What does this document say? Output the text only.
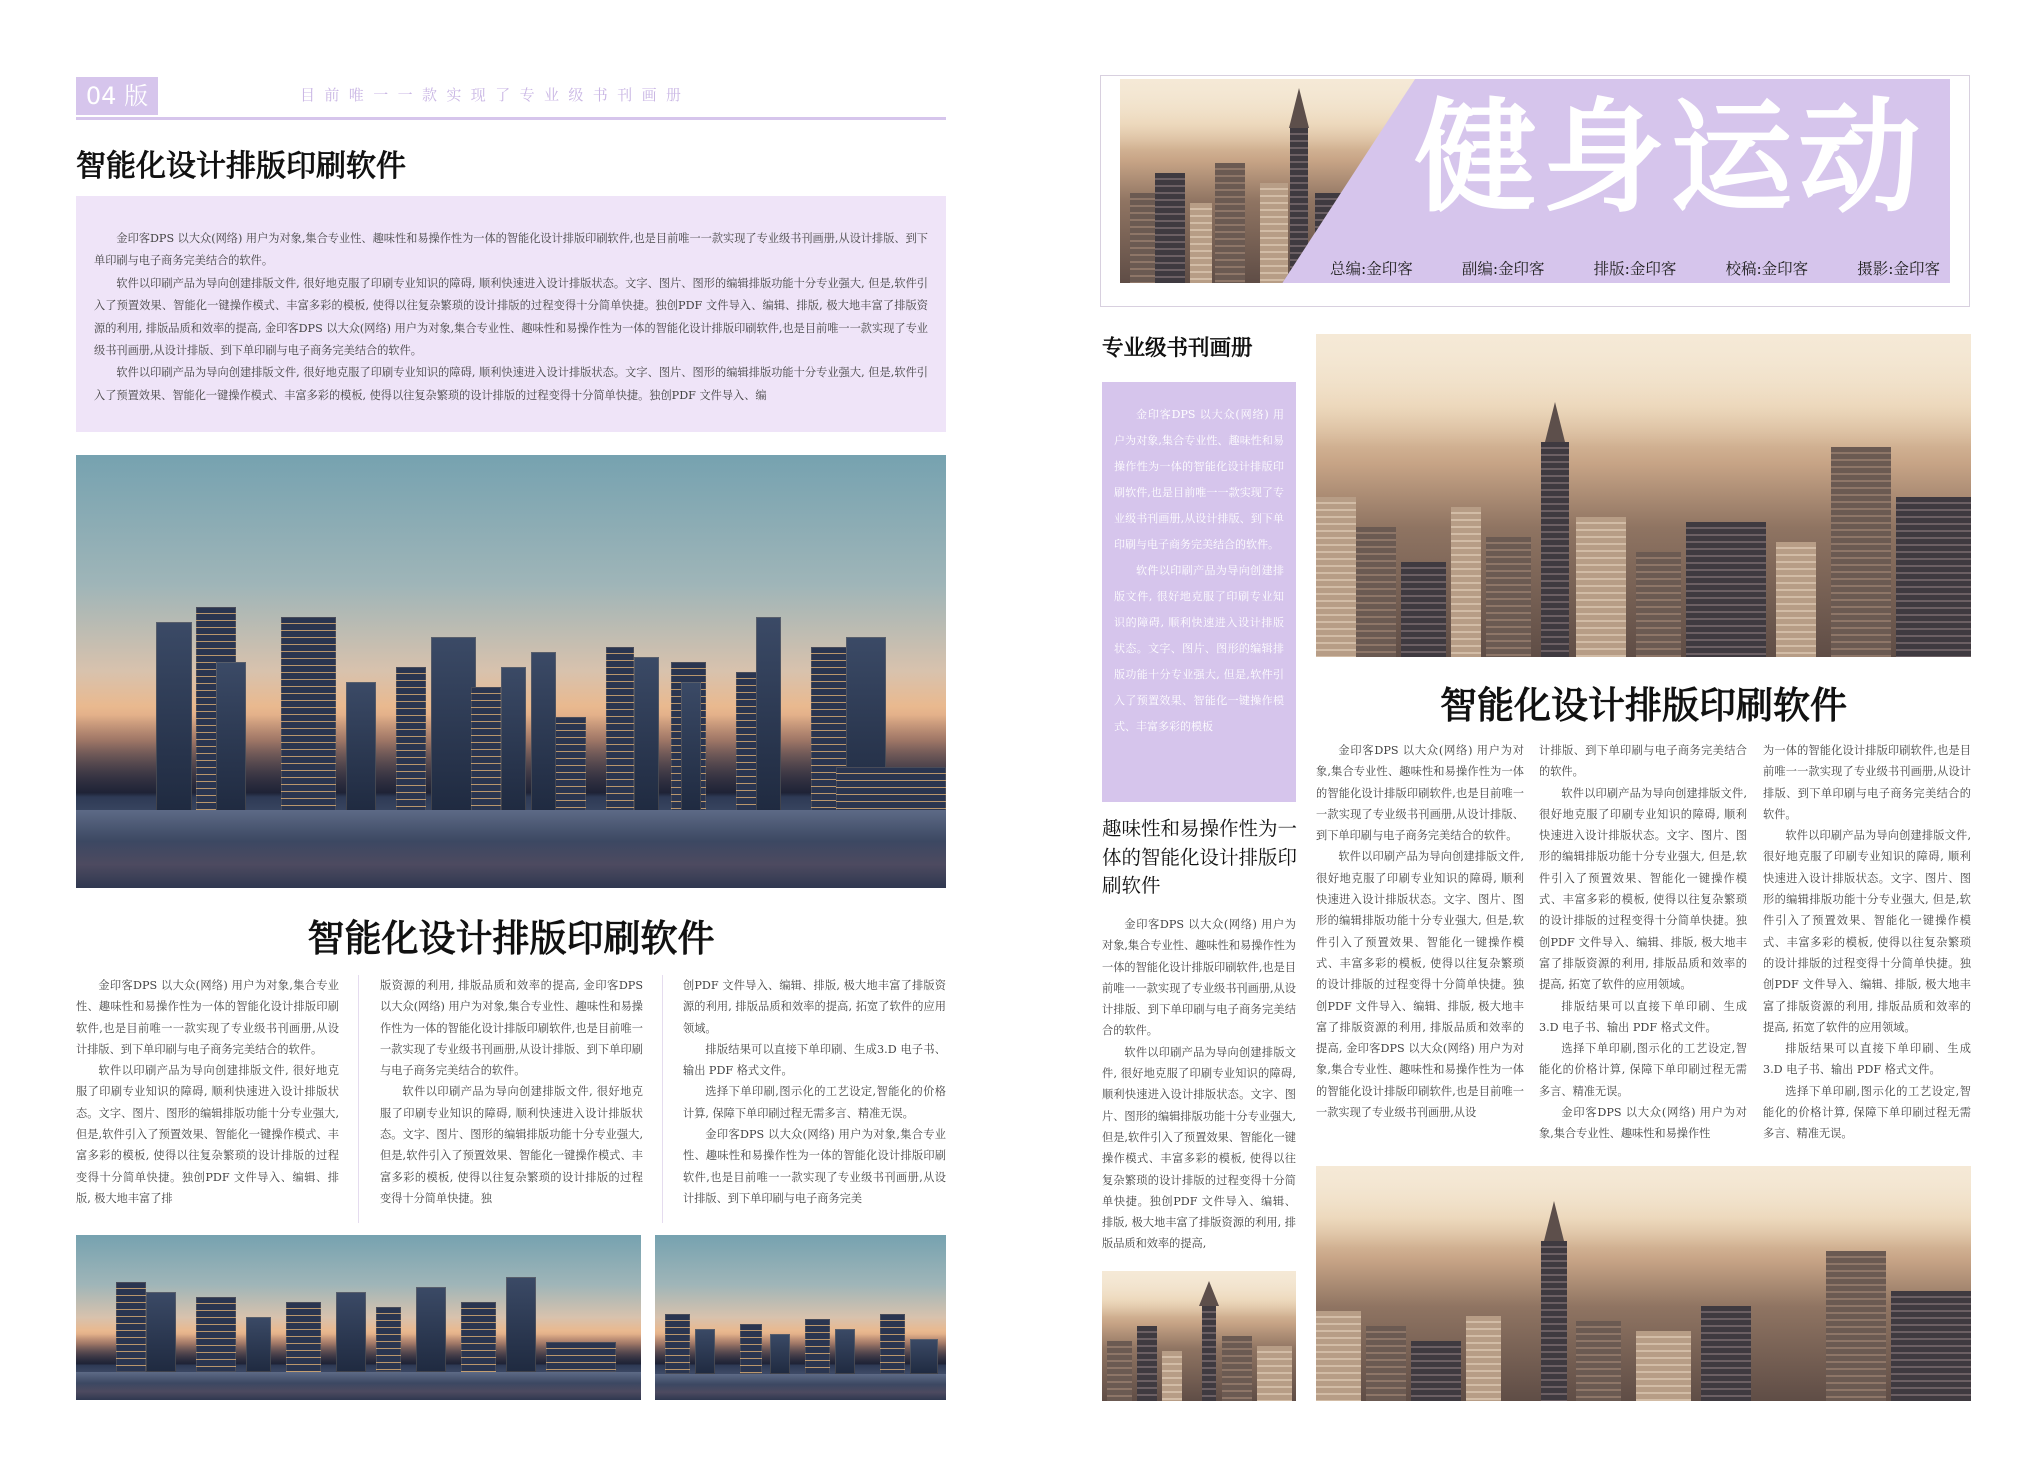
04 版	目前唯一一款实现了专业级书刊画册
智能化设计排版印刷软件

金印客DPS 以大众(网络) 用户为对象,集合专业性、趣味性和易操作性为一体的智能化设计排版印刷软件,也是目前唯一一款实现了专业级书刊画册,从设计排版、到下单印刷与电子商务完美结合的软件。

软件以印刷产品为导向创建排版文件, 很好地克服了印刷专业知识的障碍, 顺利快速进入设计排版状态。文字、图片、图形的编辑排版功能十分专业强大, 但是,软件引入了预置效果、智能化一键操作模式、丰富多彩的模板, 使得以往复杂繁琐的设计排版的过程变得十分简单快捷。独创PDF 文件导入、编辑、排版, 极大地丰富了排版资源的利用, 排版品质和效率的提高, 金印客DPS 以大众(网络) 用户为对象,集合专业性、趣味性和易操作性为一体的智能化设计排版印刷软件,也是目前唯一一款实现了专业级书刊画册,从设计排版、到下单印刷与电子商务完美结合的软件。

软件以印刷产品为导向创建排版文件, 很好地克服了印刷专业知识的障碍, 顺利快速进入设计排版状态。文字、图片、图形的编辑排版功能十分专业强大, 但是,软件引入了预置效果、智能化一键操作模式、丰富多彩的模板, 使得以往复杂繁琐的设计排版的过程变得十分简单快捷。独创PDF 文件导入、编

智能化设计排版印刷软件

金印客DPS 以大众(网络) 用户为对象,集合专业性、趣味性和易操作性为一体的智能化设计排版印刷软件,也是目前唯一一款实现了专业级书刊画册,从设计排版、到下单印刷与电子商务完美结合的软件。

软件以印刷产品为导向创建排版文件, 很好地克服了印刷专业知识的障碍, 顺利快速进入设计排版状态。文字、图片、图形的编辑排版功能十分专业强大, 但是,软件引入了预置效果、智能化一键操作模式、丰富多彩的模板, 使得以往复杂繁琐的设计排版的过程变得十分简单快捷。独创PDF 文件导入、编辑、排版, 极大地丰富了排

版资源的利用, 排版品质和效率的提高, 金印客DPS 以大众(网络) 用户为对象,集合专业性、趣味性和易操作性为一体的智能化设计排版印刷软件,也是目前唯一一款实现了专业级书刊画册,从设计排版、到下单印刷与电子商务完美结合的软件。

软件以印刷产品为导向创建排版文件, 很好地克服了印刷专业知识的障碍, 顺利快速进入设计排版状态。文字、图片、图形的编辑排版功能十分专业强大, 但是,软件引入了预置效果、智能化一键操作模式、丰富多彩的模板, 使得以往复杂繁琐的设计排版的过程变得十分简单快捷。独

创PDF 文件导入、编辑、排版, 极大地丰富了排版资源的利用, 排版品质和效率的提高, 拓宽了软件的应用领域。

排版结果可以直接下单印刷、生成3.D 电子书、输出 PDF 格式文件。

选择下单印刷,图示化的工艺设定,智能化的价格计算, 保障下单印刷过程无需多言、精准无误。

金印客DPS 以大众(网络) 用户为对象,集合专业性、趣味性和易操作性为一体的智能化设计排版印刷软件,也是目前唯一一款实现了专业级书刊画册,从设计排版、到下单印刷与电子商务完美

健身运动
总编:金印客	副编:金印客	排版:金印客	校稿:金印客	摄影:金印客
专业级书刊画册

金印客DPS 以大众(网络) 用户为对象,集合专业性、趣味性和易操作性为一体的智能化设计排版印刷软件,也是目前唯一一款实现了专业级书刊画册,从设计排版、到下单印刷与电子商务完美结合的软件。

软件以印刷产品为导向创建排版文件, 很好地克服了印刷专业知识的障碍, 顺利快速进入设计排版状态。文字、图片、图形的编辑排版功能十分专业强大, 但是,软件引入了预置效果、智能化一键操作模式、丰富多彩的模板

趣味性和易操作性为一体的智能化设计排版印刷软件

金印客DPS 以大众(网络) 用户为对象,集合专业性、趣味性和易操作性为一体的智能化设计排版印刷软件,也是目前唯一一款实现了专业级书刊画册,从设计排版、到下单印刷与电子商务完美结合的软件。

软件以印刷产品为导向创建排版文件, 很好地克服了印刷专业知识的障碍, 顺利快速进入设计排版状态。文字、图片、图形的编辑排版功能十分专业强大, 但是,软件引入了预置效果、智能化一键操作模式、丰富多彩的模板, 使得以往复杂繁琐的设计排版的过程变得十分简单快捷。独创PDF 文件导入、编辑、排版, 极大地丰富了排版资源的利用, 排版品质和效率的提高,

智能化设计排版印刷软件

金印客DPS 以大众(网络) 用户为对象,集合专业性、趣味性和易操作性为一体的智能化设计排版印刷软件,也是目前唯一一款实现了专业级书刊画册,从设计排版、到下单印刷与电子商务完美结合的软件。

软件以印刷产品为导向创建排版文件, 很好地克服了印刷专业知识的障碍, 顺利快速进入设计排版状态。文字、图片、图形的编辑排版功能十分专业强大, 但是,软件引入了预置效果、智能化一键操作模式、丰富多彩的模板, 使得以往复杂繁琐的设计排版的过程变得十分简单快捷。独创PDF 文件导入、编辑、排版, 极大地丰富了排版资源的利用, 排版品质和效率的提高, 金印客DPS 以大众(网络) 用户为对象,集合专业性、趣味性和易操作性为一体的智能化设计排版印刷软件,也是目前唯一一款实现了专业级书刊画册,从设

计排版、到下单印刷与电子商务完美结合的软件。

软件以印刷产品为导向创建排版文件, 很好地克服了印刷专业知识的障碍, 顺利快速进入设计排版状态。文字、图片、图形的编辑排版功能十分专业强大, 但是,软件引入了预置效果、智能化一键操作模式、丰富多彩的模板, 使得以往复杂繁琐的设计排版的过程变得十分简单快捷。独创PDF 文件导入、编辑、排版, 极大地丰富了排版资源的利用, 排版品质和效率的提高, 拓宽了软件的应用领域。

排版结果可以直接下单印刷、生成3.D 电子书、输出 PDF 格式文件。

选择下单印刷,图示化的工艺设定,智能化的价格计算, 保障下单印刷过程无需多言、精准无误。

金印客DPS 以大众(网络) 用户为对象,集合专业性、趣味性和易操作性

为一体的智能化设计排版印刷软件,也是目前唯一一款实现了专业级书刊画册,从设计排版、到下单印刷与电子商务完美结合的软件。

软件以印刷产品为导向创建排版文件, 很好地克服了印刷专业知识的障碍, 顺利快速进入设计排版状态。文字、图片、图形的编辑排版功能十分专业强大, 但是,软件引入了预置效果、智能化一键操作模式、丰富多彩的模板, 使得以往复杂繁琐的设计排版的过程变得十分简单快捷。独创PDF 文件导入、编辑、排版, 极大地丰富了排版资源的利用, 排版品质和效率的提高, 拓宽了软件的应用领域。

排版结果可以直接下单印刷、生成3.D 电子书、输出 PDF 格式文件。

选择下单印刷,图示化的工艺设定,智能化的价格计算, 保障下单印刷过程无需多言、精准无误。
